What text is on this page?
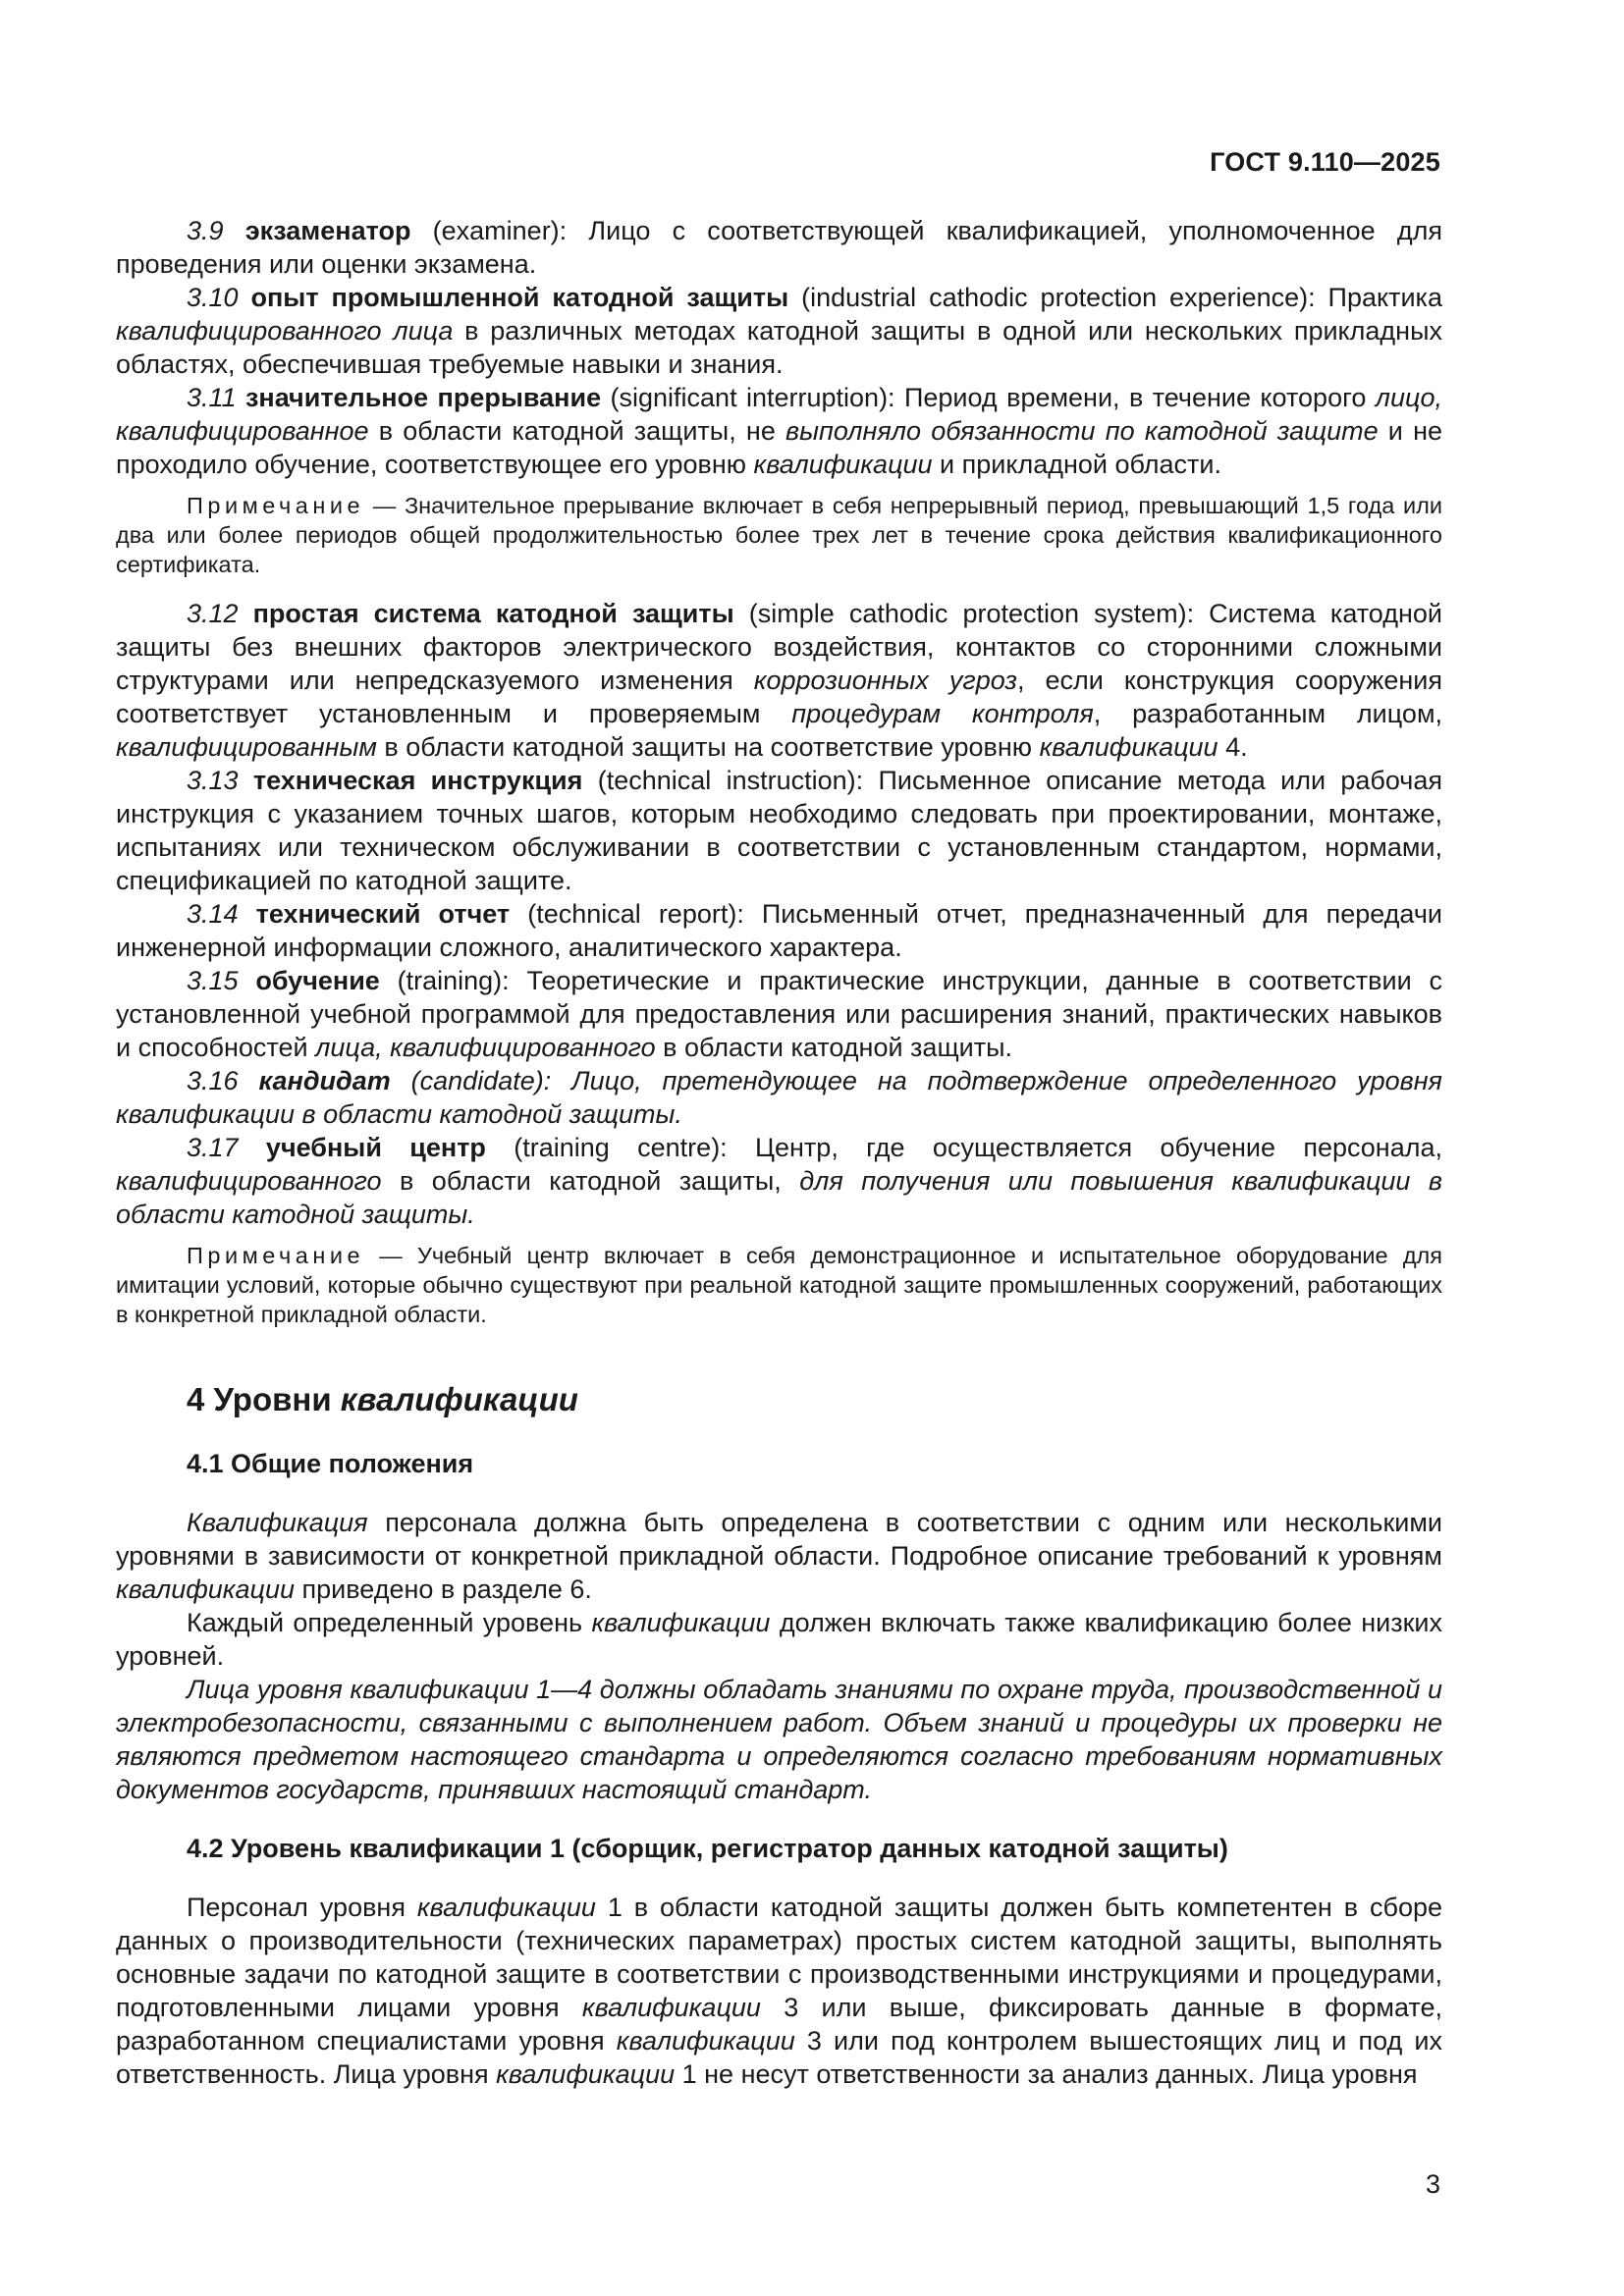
ГОСТ 9.110—2025

3.9 экзаменатор (examiner): Лицо с соответствующей квалификацией, уполномоченное для проведения или оценки экзамена.

3.10 опыт промышленной катодной защиты (industrial cathodic protection experience): Практика квалифицированного лица в различных методах катодной защиты в одной или нескольких прикладных областях, обеспечившая требуемые навыки и знания.

3.11 значительное прерывание (significant interruption): Период времени, в течение которого лицо, квалифицированное в области катодной защиты, не выполняло обязанности по катодной защите и не проходило обучение, соответствующее его уровню квалификации и прикладной области.

Примечание — Значительное прерывание включает в себя непрерывный период, превышающий 1,5 года или два или более периодов общей продолжительностью более трех лет в течение срока действия квалификационного сертификата.

3.12 простая система катодной защиты (simple cathodic protection system): Система катодной защиты без внешних факторов электрического воздействия, контактов со сторонними сложными структурами или непредсказуемого изменения коррозионных угроз, если конструкция сооружения соответствует установленным и проверяемым процедурам контроля, разработанным лицом, квалифицированным в области катодной защиты на соответствие уровню квалификации 4.

3.13 техническая инструкция (technical instruction): Письменное описание метода или рабочая инструкция с указанием точных шагов, которым необходимо следовать при проектировании, монтаже, испытаниях или техническом обслуживании в соответствии с установленным стандартом, нормами, спецификацией по катодной защите.

3.14 технический отчет (technical report): Письменный отчет, предназначенный для передачи инженерной информации сложного, аналитического характера.

3.15 обучение (training): Теоретические и практические инструкции, данные в соответствии с установленной учебной программой для предоставления или расширения знаний, практических навыков и способностей лица, квалифицированного в области катодной защиты.

3.16 кандидат (candidate): Лицо, претендующее на подтверждение определенного уровня квалификации в области катодной защиты.

3.17 учебный центр (training centre): Центр, где осуществляется обучение персонала, квалифицированного в области катодной защиты, для получения или повышения квалификации в области катодной защиты.

Примечание — Учебный центр включает в себя демонстрационное и испытательное оборудование для имитации условий, которые обычно существуют при реальной катодной защите промышленных сооружений, работающих в конкретной прикладной области.

4 Уровни квалификации
4.1 Общие положения

Квалификация персонала должна быть определена в соответствии с одним или несколькими уровнями в зависимости от конкретной прикладной области. Подробное описание требований к уровням квалификации приведено в разделе 6.

Каждый определенный уровень квалификации должен включать также квалификацию более низких уровней.

Лица уровня квалификации 1—4 должны обладать знаниями по охране труда, производственной и электробезопасности, связанными с выполнением работ. Объем знаний и процедуры их проверки не являются предметом настоящего стандарта и определяются согласно требованиям нормативных документов государств, принявших настоящий стандарт.

4.2 Уровень квалификации 1 (сборщик, регистратор данных катодной защиты)

Персонал уровня квалификации 1 в области катодной защиты должен быть компетентен в сборе данных о производительности (технических параметрах) простых систем катодной защиты, выполнять основные задачи по катодной защите в соответствии с производственными инструкциями и процедурами, подготовленными лицами уровня квалификации 3 или выше, фиксировать данные в формате, разработанном специалистами уровня квалификации 3 или под контролем вышестоящих лиц и под их ответственность. Лица уровня квалификации 1 не несут ответственности за анализ данных. Лица уровня

3
